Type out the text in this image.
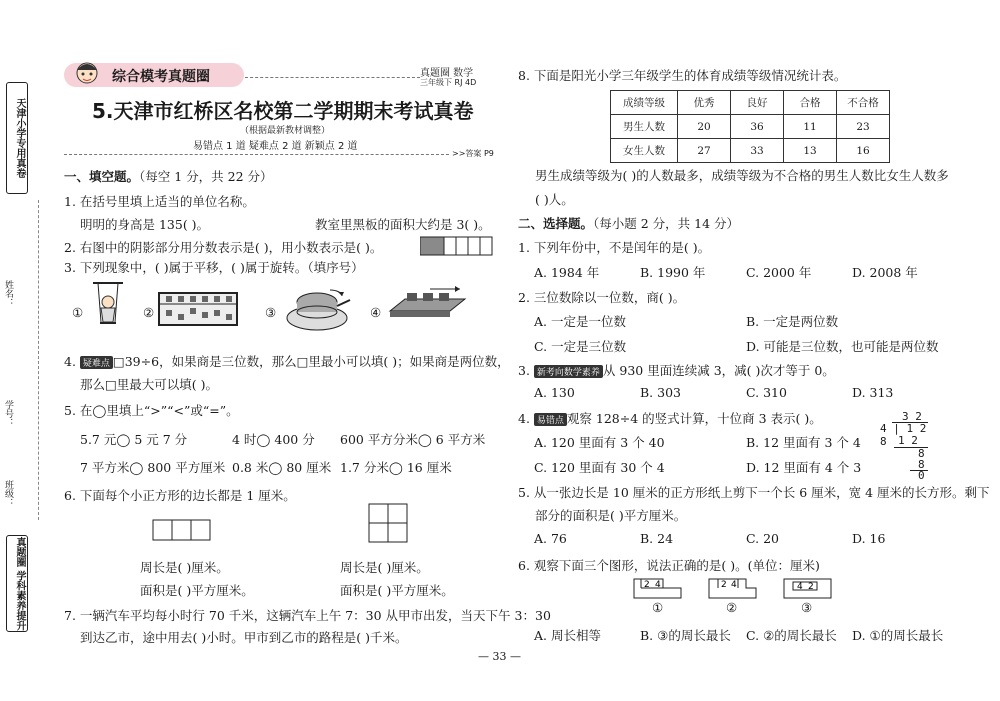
天津小学专用真卷
姓名：
学号：
班级：
真题圈 学科素养提升
综合模考真题圈	真题圈 数学
三年级下 RJ 4D
5.天津市红桥区名校第二学期期末考试真卷
（根据最新教材调整）
易错点 1 道 疑难点 2 道 新颖点 2 道
>>答案 P9
一、填空题。（每空 1 分，共 22 分）
1. 在括号里填上适当的单位名称。
明明的身高是 135( )。	教室里黑板的面积大约是 3( )。
2. 右图中的阴影部分用分数表示是( )，用小数表示是( )。
3. 下列现象中，( )属于平移，( )属于旋转。（填序号）
①	②	③	④
4. 疑难点 □39÷6，如果商是三位数，那么□里最小可以填( )；如果商是两位数，
那么□里最大可以填( )。
5. 在◯里填上“>”“<”或“=”。
5.7 元◯ 5 元 7 分	4 时◯ 400 分 600 平方分米◯ 6 平方米
7 平方米◯ 800 平方厘米 0.8 米◯ 80 厘米 1.7 分米◯ 16 厘米
6. 下面每个小正方形的边长都是 1 厘米。
周长是( )厘米。	周长是( )厘米。
面积是( )平方厘米。	面积是( )平方厘米。
7. 一辆汽车平均每小时行 70 千米，这辆汽车上午 7：30 从甲市出发，当天下午 3：30
到达乙市，途中用去( )小时。甲市到乙市的路程是( )千米。
8. 下面是阳光小学三年级学生的体育成绩等级情况统计表。
成绩等级	优秀	良好	合格	不合格
男生人数	20	36	11	23
女生人数	27	33	13	16
男生成绩等级为( )的人数最多，成绩等级为不合格的男生人数比女生人数多
( )人。
二、选择题。（每小题 2 分，共 14 分）
1. 下列年份中，不是闰年的是( )。
A. 1984 年	B. 1990 年	C. 2000 年	D. 2008 年
2. 三位数除以一位数，商( )。
A. 一定是一位数	B. 一定是两位数
C. 一定是三位数	D. 可能是三位数，也可能是两位数
3. 新考向数学素养 从 930 里面连续减 3，减( )次才等于 0。
A. 130	B. 303	C. 310	D. 313
4. 易错点 观察 128÷4 的竖式计算，十位商 3 表示( )。
A. 120 里面有 3 个 40	B. 12 里面有 3 个 4
C. 120 里面有 30 个 4	D. 12 里面有 4 个 3
3 2
4 | 1 2 8	1 2
8
8
0
5. 从一张边长是 10 厘米的正方形纸上剪下一个长 6 厘米，宽 4 厘米的长方形。剩下
部分的面积是( )平方厘米。
A. 76	B. 24	C. 20	D. 16
6. 观察下面三个图形，说法正确的是( )。(单位：厘米)
2 4	2 4	4 2
①	②	③
A. 周长相等	B. ③的周长最长 C. ②的周长最长 D. ①的周长最长
— 33 —
